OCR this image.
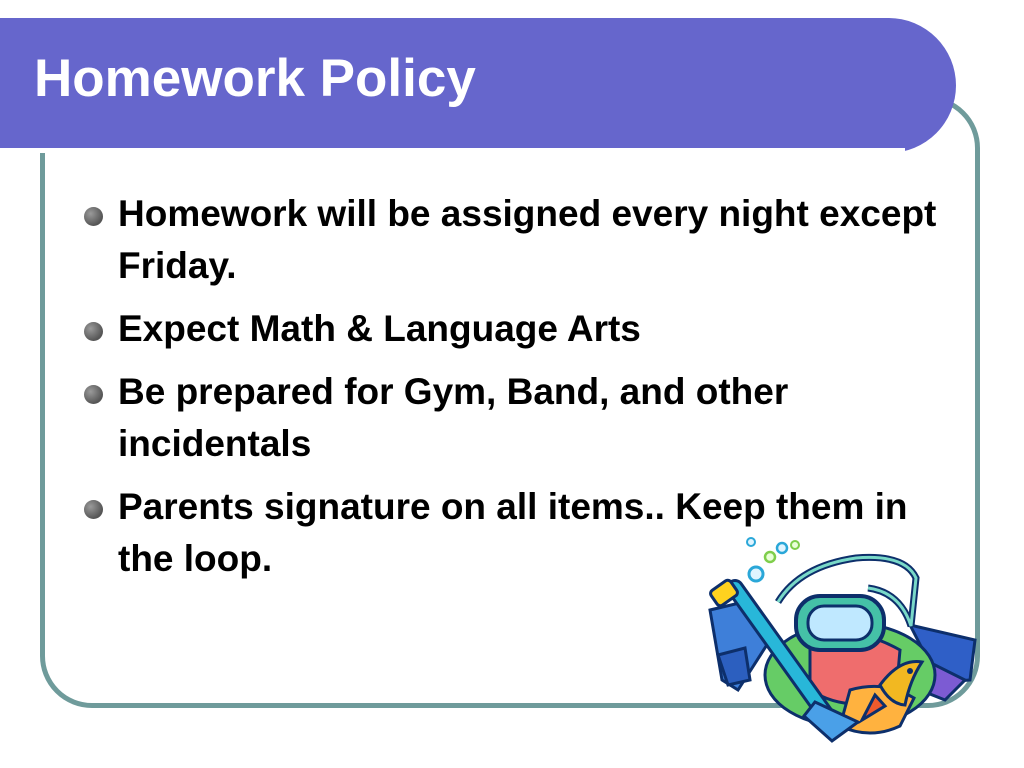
Homework Policy
Homework will be assigned every night except Friday.
Expect Math & Language Arts
Be prepared for Gym, Band, and other incidentals
Parents signature on all items.. Keep them in the loop.
